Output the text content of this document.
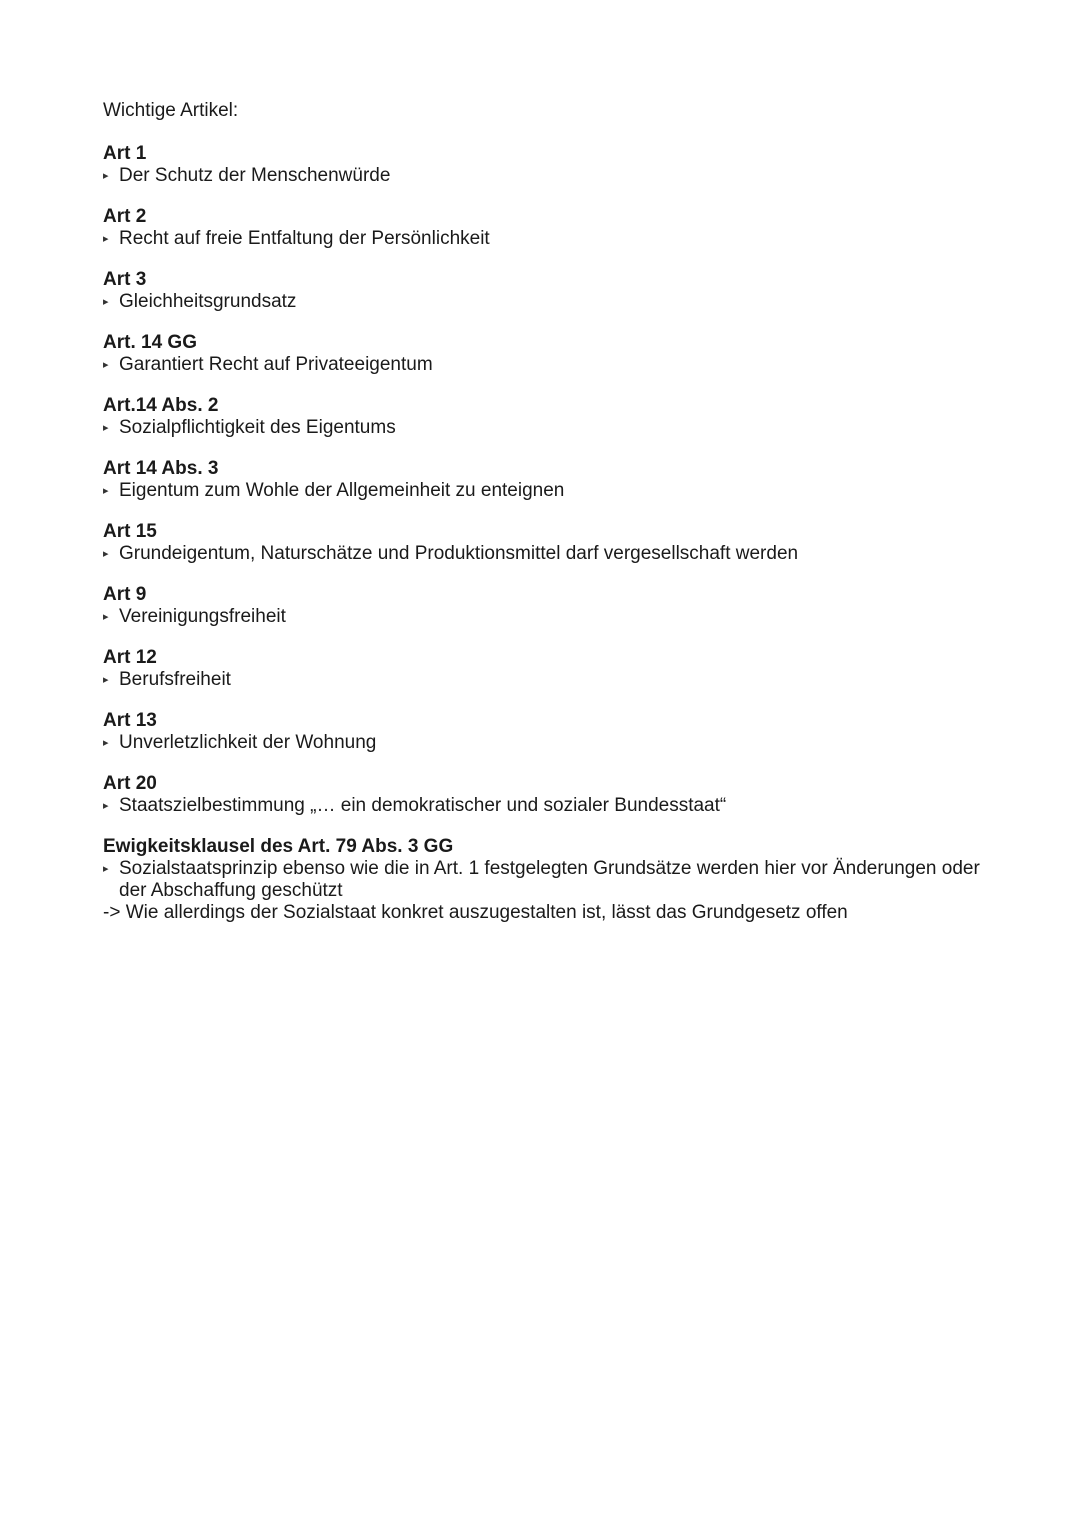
Wichtige Artikel:

Art 1

▸ Der Schutz der Menschenwürde

Art 2

▸ Recht auf freie Entfaltung der Persönlichkeit

Art 3

▸ Gleichheitsgrundsatz

Art. 14 GG

▸ Garantiert Recht auf Privateeigentum

Art.14 Abs. 2

▸ Sozialpflichtigkeit des Eigentums

Art 14 Abs. 3

▸ Eigentum zum Wohle der Allgemeinheit zu enteignen

Art 15

▸ Grundeigentum, Naturschätze und Produktionsmittel darf vergesellschaft werden

Art 9

▸ Vereinigungsfreiheit

Art 12

▸ Berufsfreiheit

Art 13

▸ Unverletzlichkeit der Wohnung

Art 20

▸ Staatszielbestimmung „… ein demokratischer und sozialer Bundesstaat“

Ewigkeitsklausel des Art. 79 Abs. 3 GG

▸ Sozialstaatsprinzip ebenso wie die in Art. 1 festgelegten Grundsätze werden hier vor Änderungen oder der Abschaffung geschützt

-> Wie allerdings der Sozialstaat konkret auszugestalten ist, lässt das Grundgesetz offen
